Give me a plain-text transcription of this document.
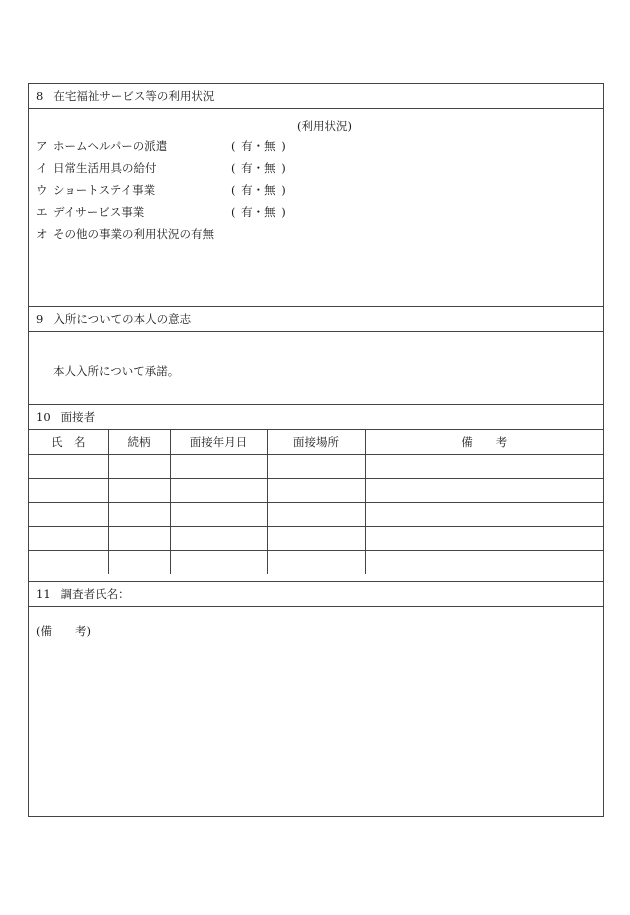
8 在宅福祉サービス等の利用状況
(利用状況)
ア ホームヘルパーの派遣	( 有・無 )
イ 日常生活用具の給付	( 有・無 )
ウ ショートステイ事業	( 有・無 )
エ デイサービス事業	( 有・無 )
オ その他の事業の利用状況の有無
9 入所についての本人の意志
本人入所について承諾。
10 面接者
氏　名	続柄	面接年月日	面接場所	備　　考

11 調査者氏名：
(備　　考)
